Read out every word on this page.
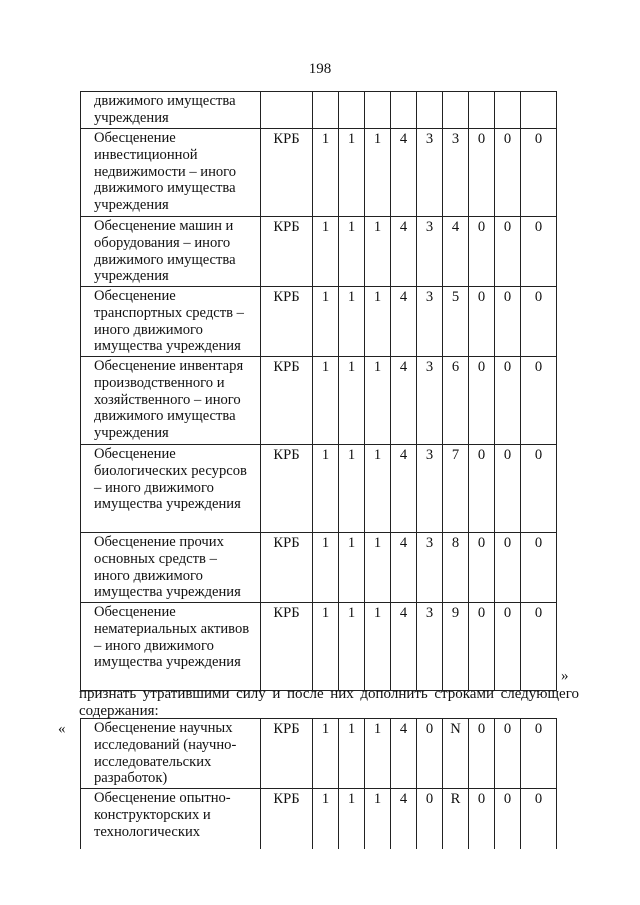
198
движимого имущества учреждения										
Обесценение инвестиционной недвижимости – иного движимого имущества учреждения	КРБ	1	1	1	4	3	3	0	0	0
Обесценение машин и оборудования – иного движимого имущества учреждения	КРБ	1	1	1	4	3	4	0	0	0
Обесценение транспортных средств – иного движимого имущества учреждения	КРБ	1	1	1	4	3	5	0	0	0
Обесценение инвентаря производственного и хозяйственного – иного движимого имущества учреждения	КРБ	1	1	1	4	3	6	0	0	0
Обесценение биологических ресурсов – иного движимого имущества учреждения	КРБ	1	1	1	4	3	7	0	0	0
Обесценение прочих основных средств – иного движимого имущества учреждения	КРБ	1	1	1	4	3	8	0	0	0
Обесценение нематериальных активов – иного движимого имущества учреждения	КРБ	1	1	1	4	3	9	0	0	0
»
признать утратившими силу и после них дополнить строками следующего содержания:
« Обесценение научных исследований (научно-исследовательских разработок)	КРБ	1	1	1	4	0	N	0	0	0
Обесценение опытно-конструкторских и технологических	КРБ	1	1	1	4	0	R	0	0	0
